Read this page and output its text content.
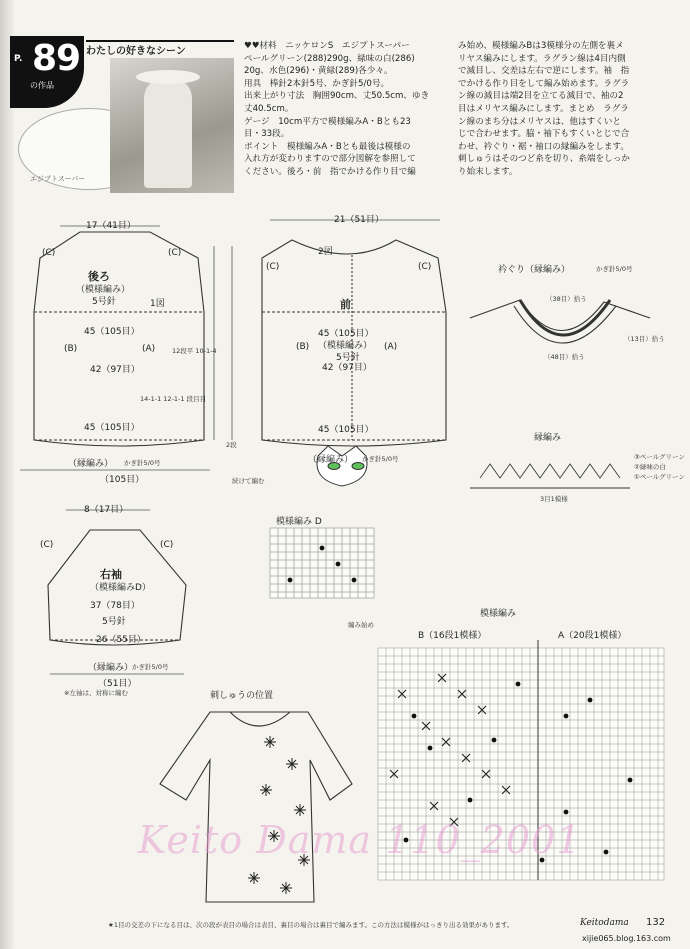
P. 89
の作品
わたしの好きなシーン
エジプトスーパー
♥♥材料　ニッケロンS　エジプトスーパー
ペールグリーン(288)290g、緑味の白(286)
20g、水色(296)・黄緑(289)各少々。
用具　棒針2本針5号、かぎ針5/0号。
出来上がり寸法　胸囲90cm、丈50.5cm、ゆき
丈40.5cm。
ゲージ　10cm平方で模様編みA・Bとも23
目・33段。
ポイント　模様編みA・Bとも最後は模様の
入れ方が変わりますので部分図解を参照して
ください。後ろ・前　指でかける作り目で編
み始め、模様編みBは3模様分の左側を裏メ
リヤス編みにします。ラグラン線は4目内側
で減目し、交差は左右で逆にします。袖　指
でかける作り目をして編み始めます。ラグラ
ン線の減目は端2目を立てる減目で、袖の2
目はメリヤス編みにします。まとめ　ラグラ
ン線のまち分はメリヤスは、他はすくいと
じで合わせます。脇・袖下もすくいとじで合
わせ、衿ぐり・裾・袖口の縁編みをします。
刺しゅうはそのつど糸を切り、糸端をしっか
り始末します。
17（41目）
(C)	(C)
後ろ
（模様編み）
5号針	1図
45（105目）
(B)	(A)	12段平 10-1-4
42（97目）
14-1-1 12-1-1 段目目
45（105目）
（縁編み） かぎ針5/0号
（105目）
21（51目）
2図
(C)	(C)
前
45（105目）
(B) （模様編み） (A)
5号針
42（97目）
45（105目）
（縁編み） かぎ針5/0号
続けて編む
2段
衿ぐり（縁編み）	かぎ針5/0号
（38目）拾う
（48目）拾う
（13目）拾う
縁編み
③ペールグリーン
②緑味の白
①ペールグリーン
3目1模様
8（17目）
(C)	(C)
右袖
（模様編みD）
37（78目）
5号針
26（55目）
（縁編み）
かぎ針5/0号
（51目）
※左袖は、対称に編む
模様編み D
編み始め
模様編み
B（16段1模様）	A（20段1模様）
刺しゅうの位置
Keito Dama 110_2001
★1目の交差の下になる目は、次の段が表目の場合は表目、裏目の場合は裏目で編みます。この方法は模様がはっきり出る効果があります。	Keitodama 132
xijie065.blog.163.com
